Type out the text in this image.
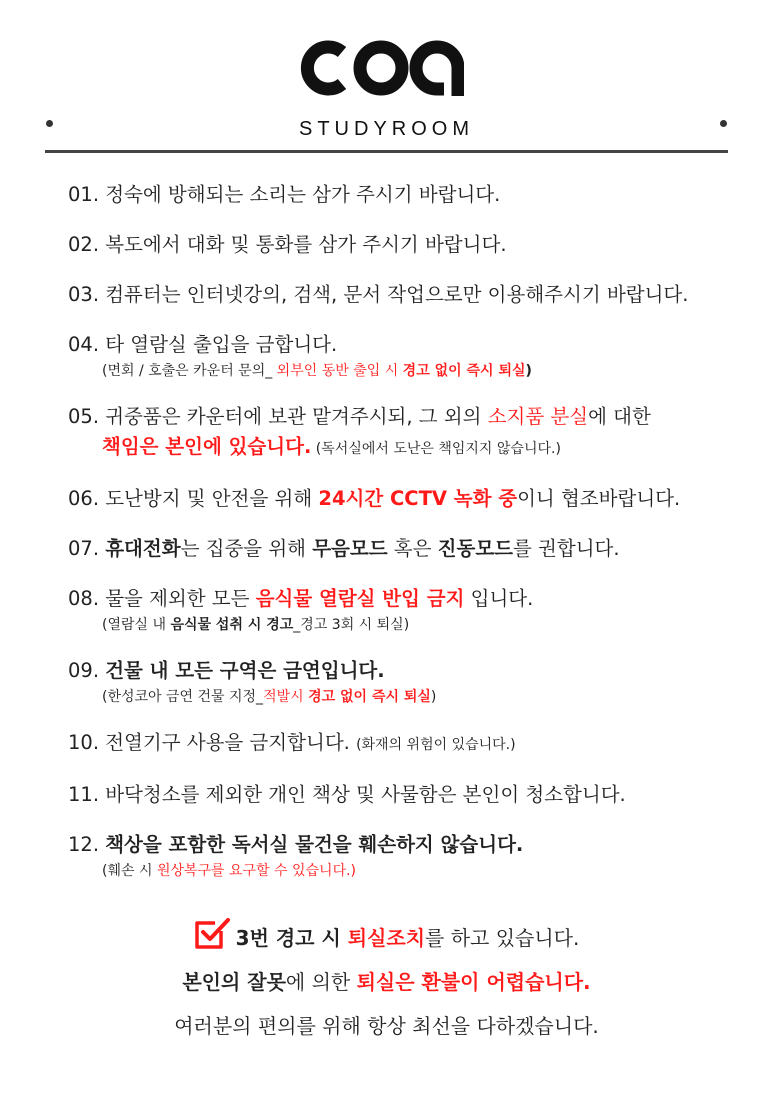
STUDYROOM
01. 정숙에 방해되는 소리는 삼가 주시기 바랍니다.
02. 복도에서 대화 및 통화를 삼가 주시기 바랍니다.
03. 컴퓨터는 인터넷강의, 검색, 문서 작업으로만 이용해주시기 바랍니다.
04. 타 열람실 출입을 금합니다.
(면회 / 호출은 카운터 문의_ 외부인 동반 출입 시 경고 없이 즉시 퇴실)
05. 귀중품은 카운터에 보관 맡겨주시되, 그 외의 소지품 분실에 대한
책임은 본인에 있습니다. (독서실에서 도난은 책임지지 않습니다.)
06. 도난방지 및 안전을 위해 24시간 CCTV 녹화 중이니 협조바랍니다.
07. 휴대전화는 집중을 위해 무음모드 혹은 진동모드를 권합니다.
08. 물을 제외한 모든 음식물 열람실 반입 금지 입니다.
(열람실 내 음식물 섭취 시 경고_경고 3회 시 퇴실)
09. 건물 내 모든 구역은 금연입니다.
(한성코아 금연 건물 지정_적발시 경고 없이 즉시 퇴실)
10. 전열기구 사용을 금지합니다. (화재의 위험이 있습니다.)
11. 바닥청소를 제외한 개인 책상 및 사물함은 본인이 청소합니다.
12. 책상을 포함한 독서실 물건을 훼손하지 않습니다.
(훼손 시 원상복구를 요구할 수 있습니다.)
3번 경고 시 퇴실조치를 하고 있습니다.
본인의 잘못에 의한 퇴실은 환불이 어렵습니다.
여러분의 편의를 위해 항상 최선을 다하겠습니다.
